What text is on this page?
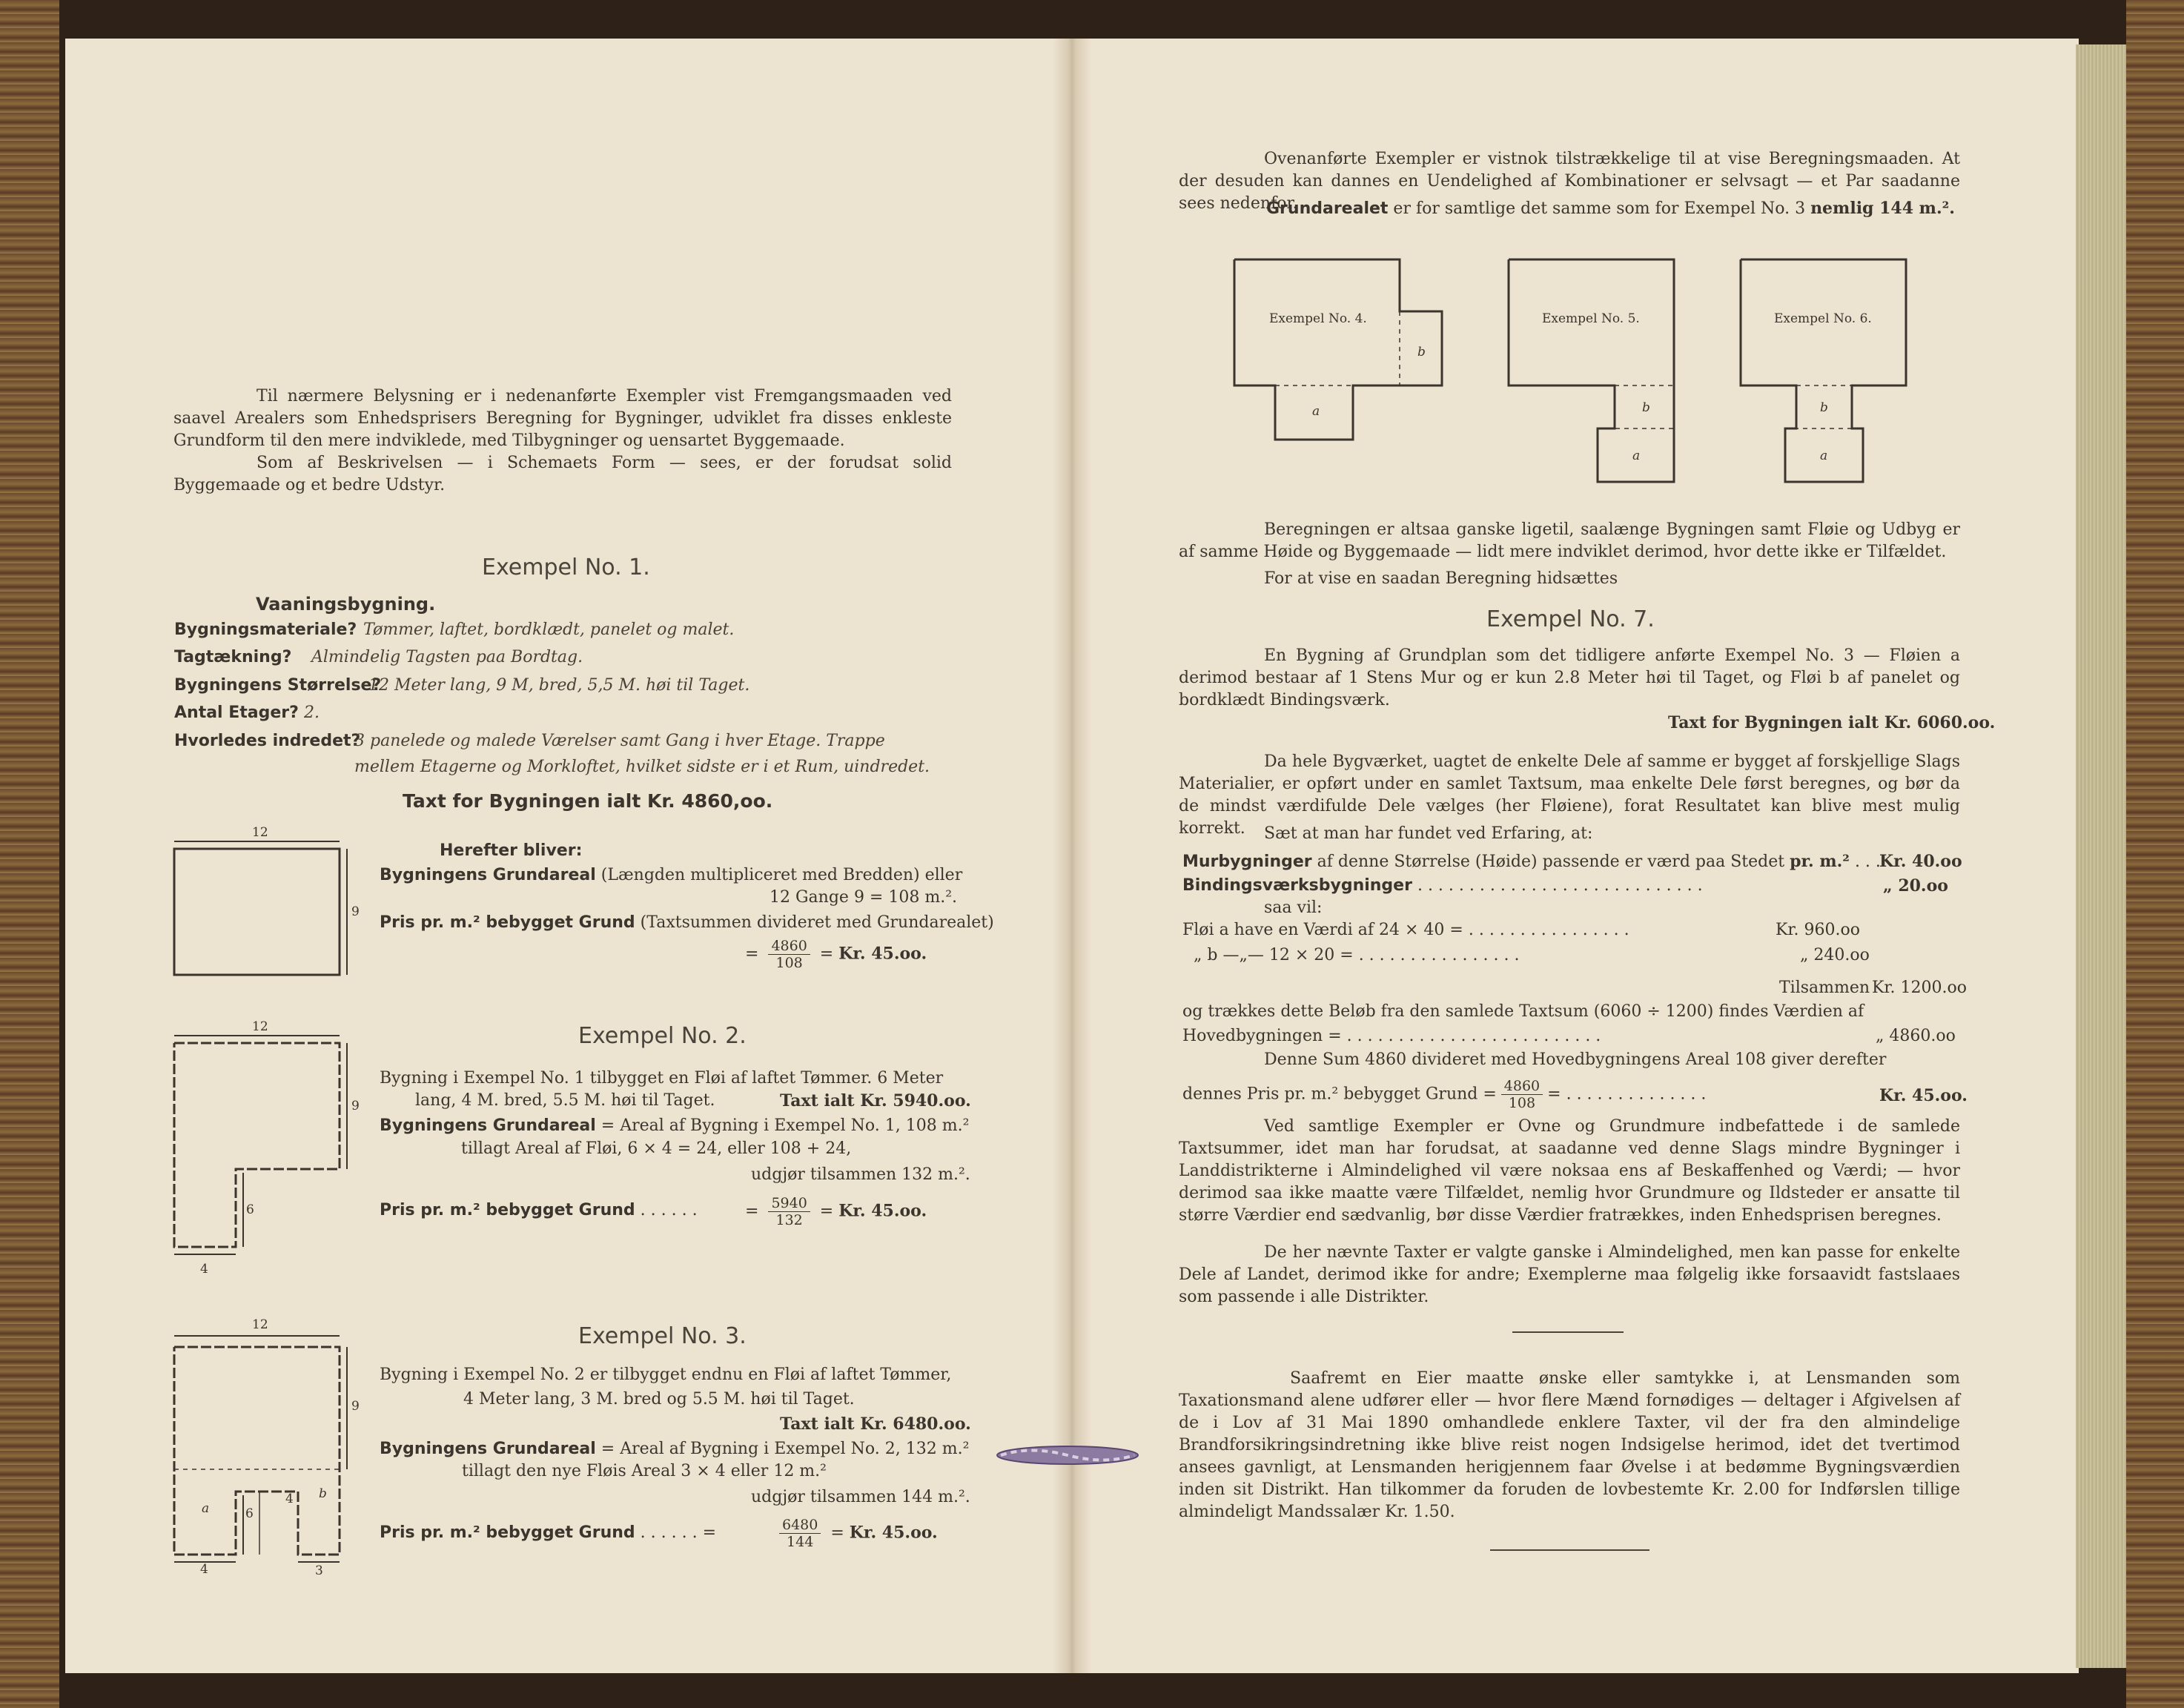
Til nærmere Belysning er i nedenanførte Exempler vist Fremgangsmaaden ved saavel Arealers som Enhedsprisers Beregning for Bygninger, udviklet fra disses enkleste Grundform til den mere indviklede, med Tilbygninger og uensartet Byggemaade.
Som af Beskrivelsen — i Schemaets Form — sees, er der forudsat solid Byggemaade og et bedre Udstyr.
Exempel No. 1.
Vaaningsbygning.
Bygningsmateriale? Tømmer, laftet, bordklædt, panelet og malet.
Tagtækning? Almindelig Tagsten paa Bordtag.
Bygningens Størrelse?
12 Meter lang, 9 M, bred, 5,5 M. høi til Taget.
Antal Etager? 2.
Hvorledes indredet?
3 panelede og malede Værelser samt Gang i hver Etage. Trappe
mellem Etagerne og Morkloftet, hvilket sidste er i et Rum, uindredet.
Taxt for Bygningen ialt Kr. 4860,oo.
12
9
Herefter bliver:
Bygningens Grundareal (Længden multipliceret med Bredden) eller
12 Gange 9 = 108 m.².
Pris pr. m.² bebygget Grund (Taxtsummen divideret med Grundarealet)
= $\frac{4860}{108} = Kr$. 45.oo.
Exempel No. 2.
12
9
6
4
Bygning i Exempel No. 1 tilbygget en Fløi af laftet Tømmer. 6 Meter
lang, 4 M. bred, 5.5 M. høi til Taget.	Taxt ialt Kr. 5940.oo.
Bygningens Grundareal = Areal af Bygning i Exempel No. 1, 108 m.²
tillagt Areal af Fløi, 6 × 4 = 24, eller 108 + 24,
udgjør tilsammen 132 m.².
Pris pr. m.² bebygget Grund . . . . . .	= $\frac{5940}{132} = Kr$. 45.oo.
Exempel No. 3.
12
9
6
4
4
3
a
b
Bygning i Exempel No. 2 er tilbygget endnu en Fløi af laftet Tømmer,
4 Meter lang, 3 M. bred og 5.5 M. høi til Taget.
Taxt ialt Kr. 6480.oo.
Bygningens Grundareal = Areal af Bygning i Exempel No. 2, 132 m.²
tillagt den nye Fløis Areal 3 × 4 eller 12 m.²
udgjør tilsammen 144 m.².
Pris pr. m.² bebygget Grund . . . . . . =	$\frac{6480}{144} = Kr$. 45.oo.
Ovenanførte Exempler er vistnok tilstrækkelige til at vise Beregningsmaaden. At der desuden kan dannes en Uendelighed af Kombinationer er selvsagt — et Par saadanne sees nedenfor.
Grundarealet er for samtlige det samme som for Exempel No. 3 nemlig 144 m.².
Exempel No. 4.
b
a
Exempel No. 5.
b
a
Exempel No. 6.
b
a
Beregningen er altsaa ganske ligetil, saalænge Bygningen samt Fløie og Udbyg er af samme Høide og Byggemaade — lidt mere indviklet derimod, hvor dette ikke er Tilfældet.
For at vise en saadan Beregning hidsættes
Exempel No. 7.
En Bygning af Grundplan som det tidligere anførte Exempel No. 3 — Fløien a derimod bestaar af 1 Stens Mur og er kun 2.8 Meter høi til Taget, og Fløi b af panelet og bordklædt Bindingsværk.
Taxt for Bygningen ialt Kr. 6060.oo.
Da hele Bygværket, uagtet de enkelte Dele af samme er bygget af forskjellige Slags Materialier, er opført under en samlet Taxtsum, maa enkelte Dele først beregnes, og bør da de mindst værdifulde Dele vælges (her Fløiene), forat Resultatet kan blive mest mulig korrekt.	Sæt at man har fundet ved Erfaring, at:
Murbygninger af denne Størrelse (Høide) passende er værd paa Stedet pr. m.² . . .
Kr. 40.oo
Bindingsværksbygninger . . . . . . . . . . . . . . . . . . . . . . . . . . . .	„ 20.oo
saa vil:
Fløi a have en Værdi af 24 × 40 = . . . . . . . . . . . . . . . .	Kr. 960.oo
„ b —„— 12 × 20 = . . . . . . . . . . . . . . . .	„ 240.oo
Tilsammen Kr. 1200.oo
og trækkes dette Beløb fra den samlede Taxtsum (6060 ÷ 1200) findes Værdien af
Hovedbygningen = . . . . . . . . . . . . . . . . . . . . . . . . .	„ 4860.oo
Denne Sum 4860 divideret med Hovedbygningens Areal 108 giver derefter
dennes Pris pr. m.² bebygget Grund = $\frac{4860}{108}$ = . . . . . . . . . . . . . .	Kr. 45.oo.
Ved samtlige Exempler er Ovne og Grundmure indbefattede i de samlede Taxtsummer, idet man har forudsat, at saadanne ved denne Slags mindre Bygninger i Landdistrikterne i Almindelighed vil være noksaa ens af Beskaffenhed og Værdi; — hvor derimod saa ikke maatte være Tilfældet, nemlig hvor Grundmure og Ildsteder er ansatte til større Værdier end sædvanlig, bør disse Værdier fratrækkes, inden Enhedsprisen beregnes.
De her nævnte Taxter er valgte ganske i Almindelighed, men kan passe for enkelte Dele af Landet, derimod ikke for andre; Exemplerne maa følgelig ikke forsaavidt fastslaaes som passende i alle Distrikter.
Saafremt en Eier maatte ønske eller samtykke i, at Lensmanden som Taxationsmand alene udfører eller — hvor flere Mænd fornødiges — deltager i Afgivelsen af de i Lov af 31 Mai 1890 omhandlede enklere Taxter, vil der fra den almindelige Brandforsikringsindretning ikke blive reist nogen Indsigelse herimod, idet det tvertimod ansees gavnligt, at Lensmanden herigjennem faar Øvelse i at bedømme Bygningsværdien inden sit Distrikt. Han tilkommer da foruden de lovbestemte Kr. 2.00 for Indførslen tillige almindeligt Mandssalær Kr. 1.50.
